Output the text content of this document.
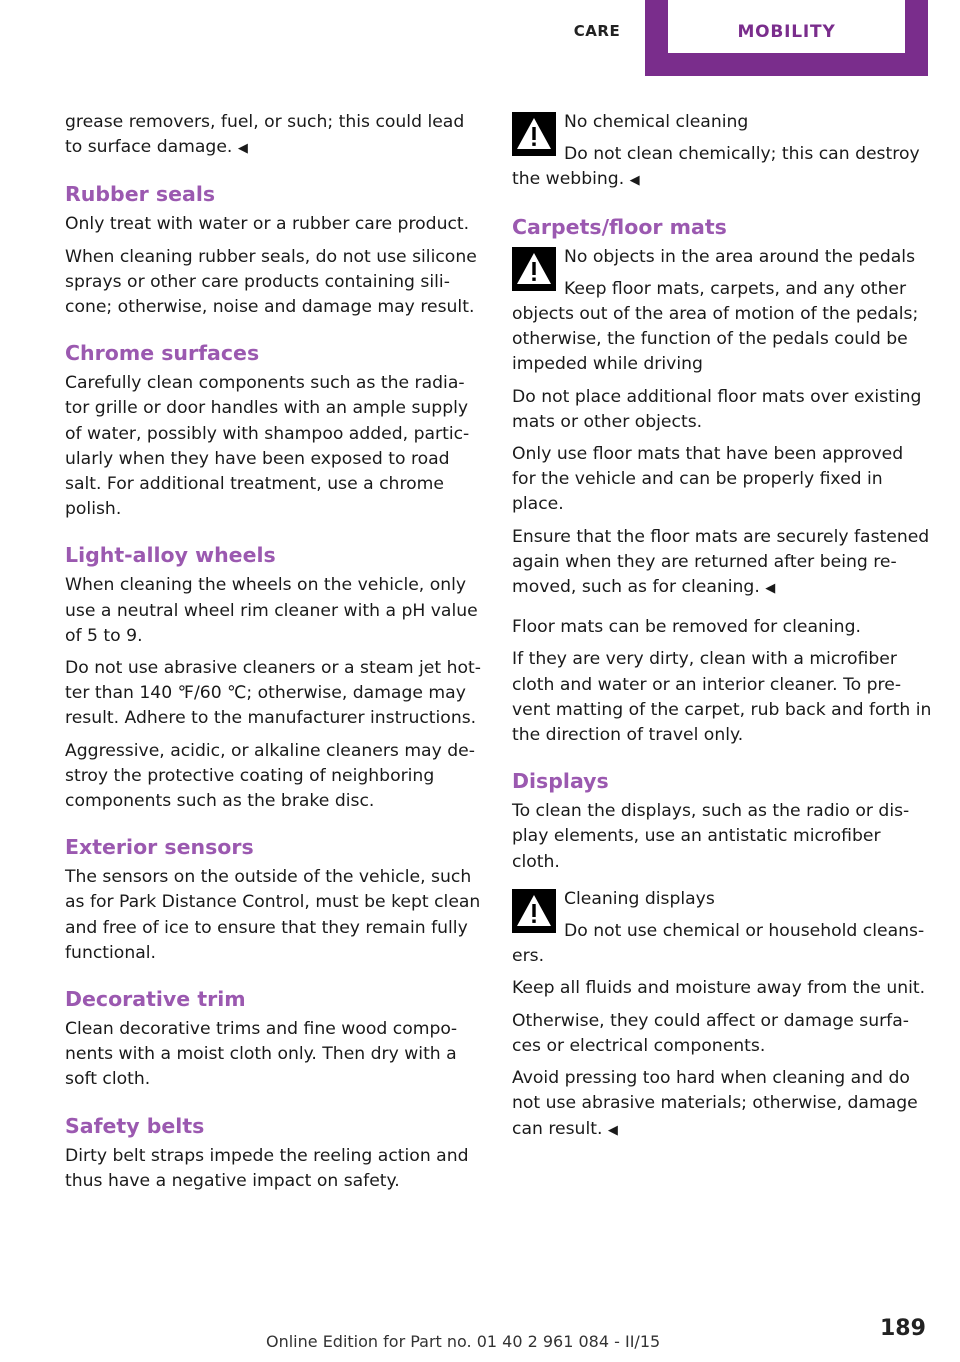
CARE	MOBILITY

grease removers, fuel, or such; this could lead to surface damage. ◀

Rubber seals

Only treat with water or a rubber care product.

When cleaning rubber seals, do not use silicone sprays or other care products containing sili‐ cone; otherwise, noise and damage may result.

Chrome surfaces

Carefully clean components such as the radia‐ tor grille or door handles with an ample supply of water, possibly with shampoo added, partic‐ ularly when they have been exposed to road salt. For additional treatment, use a chrome polish.

Light-alloy wheels

When cleaning the wheels on the vehicle, only use a neutral wheel rim cleaner with a pH value of 5 to 9.

Do not use abrasive cleaners or a steam jet hot‐ ter than 140 ℉/60 ℃; otherwise, damage may result. Adhere to the manufacturer instructions.

Aggressive, acidic, or alkaline cleaners may de‐ stroy the protective coating of neighboring components such as the brake disc.

Exterior sensors

The sensors on the outside of the vehicle, such as for Park Distance Control, must be kept clean and free of ice to ensure that they remain fully functional.

Decorative trim

Clean decorative trims and fine wood compo‐ nents with a moist cloth only. Then dry with a soft cloth.

Safety belts

Dirty belt straps impede the reeling action and thus have a negative impact on safety.

No chemical cleaning

Do not clean chemically; this can destroy the webbing. ◀

Carpets/floor mats
No objects in the area around the pedals

Keep floor mats, carpets, and any other objects out of the area of motion of the pedals; otherwise, the function of the pedals could be impeded while driving

Do not place additional floor mats over existing mats or other objects.

Only use floor mats that have been approved for the vehicle and can be properly fixed in place.

Ensure that the floor mats are securely fastened again when they are returned after being re‐ moved, such as for cleaning. ◀

Floor mats can be removed for cleaning.

If they are very dirty, clean with a microfiber cloth and water or an interior cleaner. To pre‐ vent matting of the carpet, rub back and forth in the direction of travel only.

Displays

To clean the displays, such as the radio or dis‐ play elements, use an antistatic microfiber cloth.

Cleaning displays

Do not use chemical or household cleans‐ ers.

Keep all fluids and moisture away from the unit.

Otherwise, they could affect or damage surfa‐ ces or electrical components.

Avoid pressing too hard when cleaning and do not use abrasive materials; otherwise, damage can result. ◀

Online Edition for Part no. 01 40 2 961 084 - II/15
189
